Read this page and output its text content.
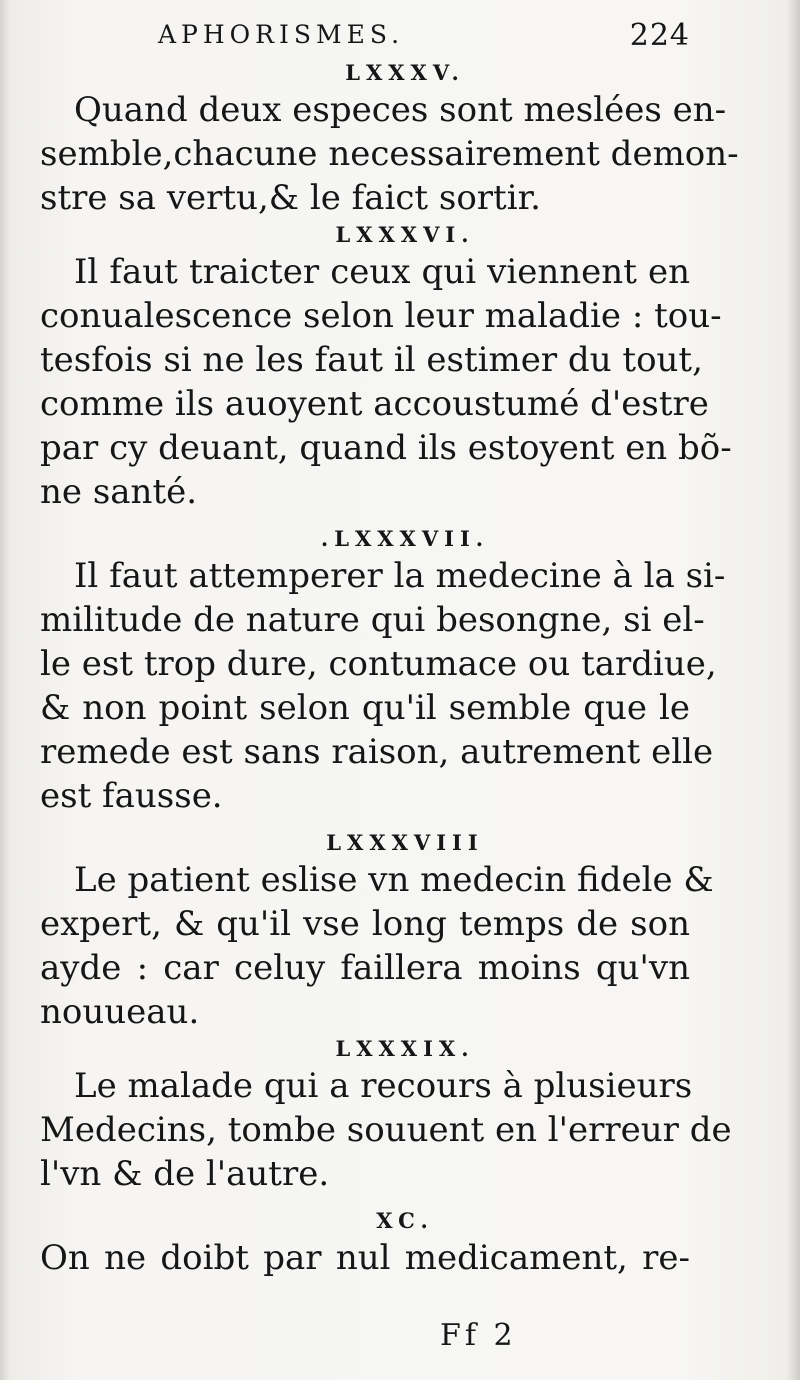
APHORISMES.	224
LXXXV.
Quand deux especes sont meslées en-
semble,chacune necessairement demon-
stre sa vertu,& le faict sortir.
LXXXVI.
Il faut traicter ceux qui viennent en
conualescence selon leur maladie : tou-
tesfois si ne les faut il estimer du tout,
comme ils auoyent accoustumé d'estre
par cy deuant, quand ils estoyent en bõ-
ne santé.
.LXXXVII.
Il faut attemperer la medecine à la si-
militude de nature qui besongne, si el-
le est trop dure, contumace ou tardiue,
& non point selon qu'il semble que le
remede est sans raison, autrement elle
est fausse.
LXXXVIII
Le patient eslise vn medecin fidele &
expert, & qu'il vse long temps de son
ayde : car celuy faillera moins qu'vn
nouueau.
LXXXIX.
Le malade qui a recours à plusieurs
Medecins, tombe souuent en l'erreur de
l'vn & de l'autre.
XC.
On ne doibt par nul medicament, re-
Ff 2
